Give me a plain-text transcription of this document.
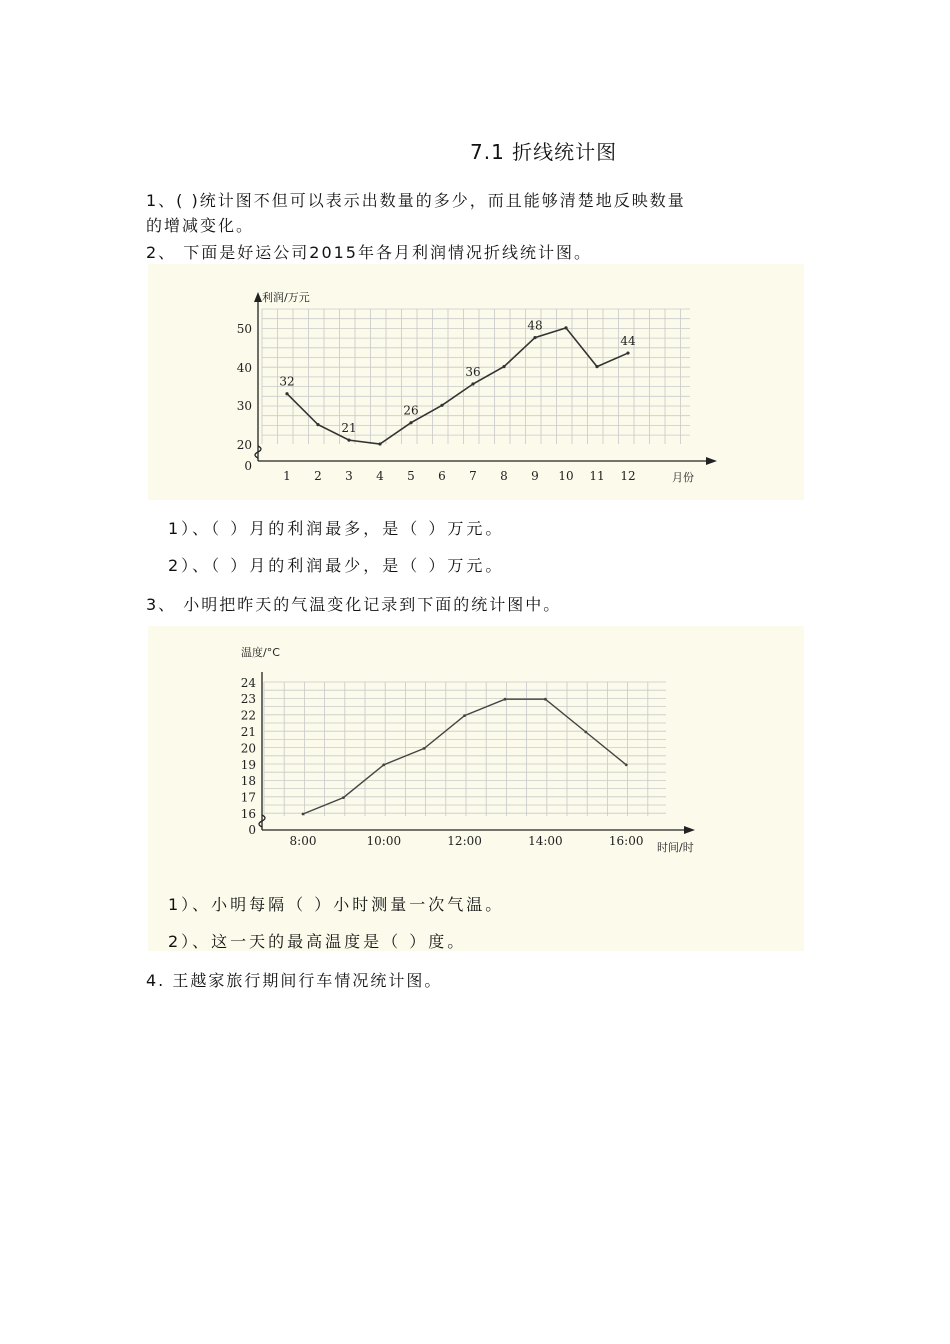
7.1 折线统计图
1、( )统计图不但可以表示出数量的多少，而且能够清楚地反映数量
的增减变化。
2、 下面是好运公司2015年各月利润情况折线统计图。
利润/万元
月份
0
20
30
40
50
1 2 3 4 5 6 7 8 9 10 11 12
32
21
26
36
48
44
温度/°C
时间/时
0
16
17
18
19
20
21
22
23
24
8:00	10:00	12:00	14:00	16:00
1）、（ ）月的利润最多，是（ ）万元。
2）、（ ）月的利润最少，是（ ）万元。
3、 小明把昨天的气温变化记录到下面的统计图中。
1）、小明每隔（ ）小时测量一次气温。
2）、这一天的最高温度是（ ）度。
4. 王越家旅行期间行车情况统计图。
